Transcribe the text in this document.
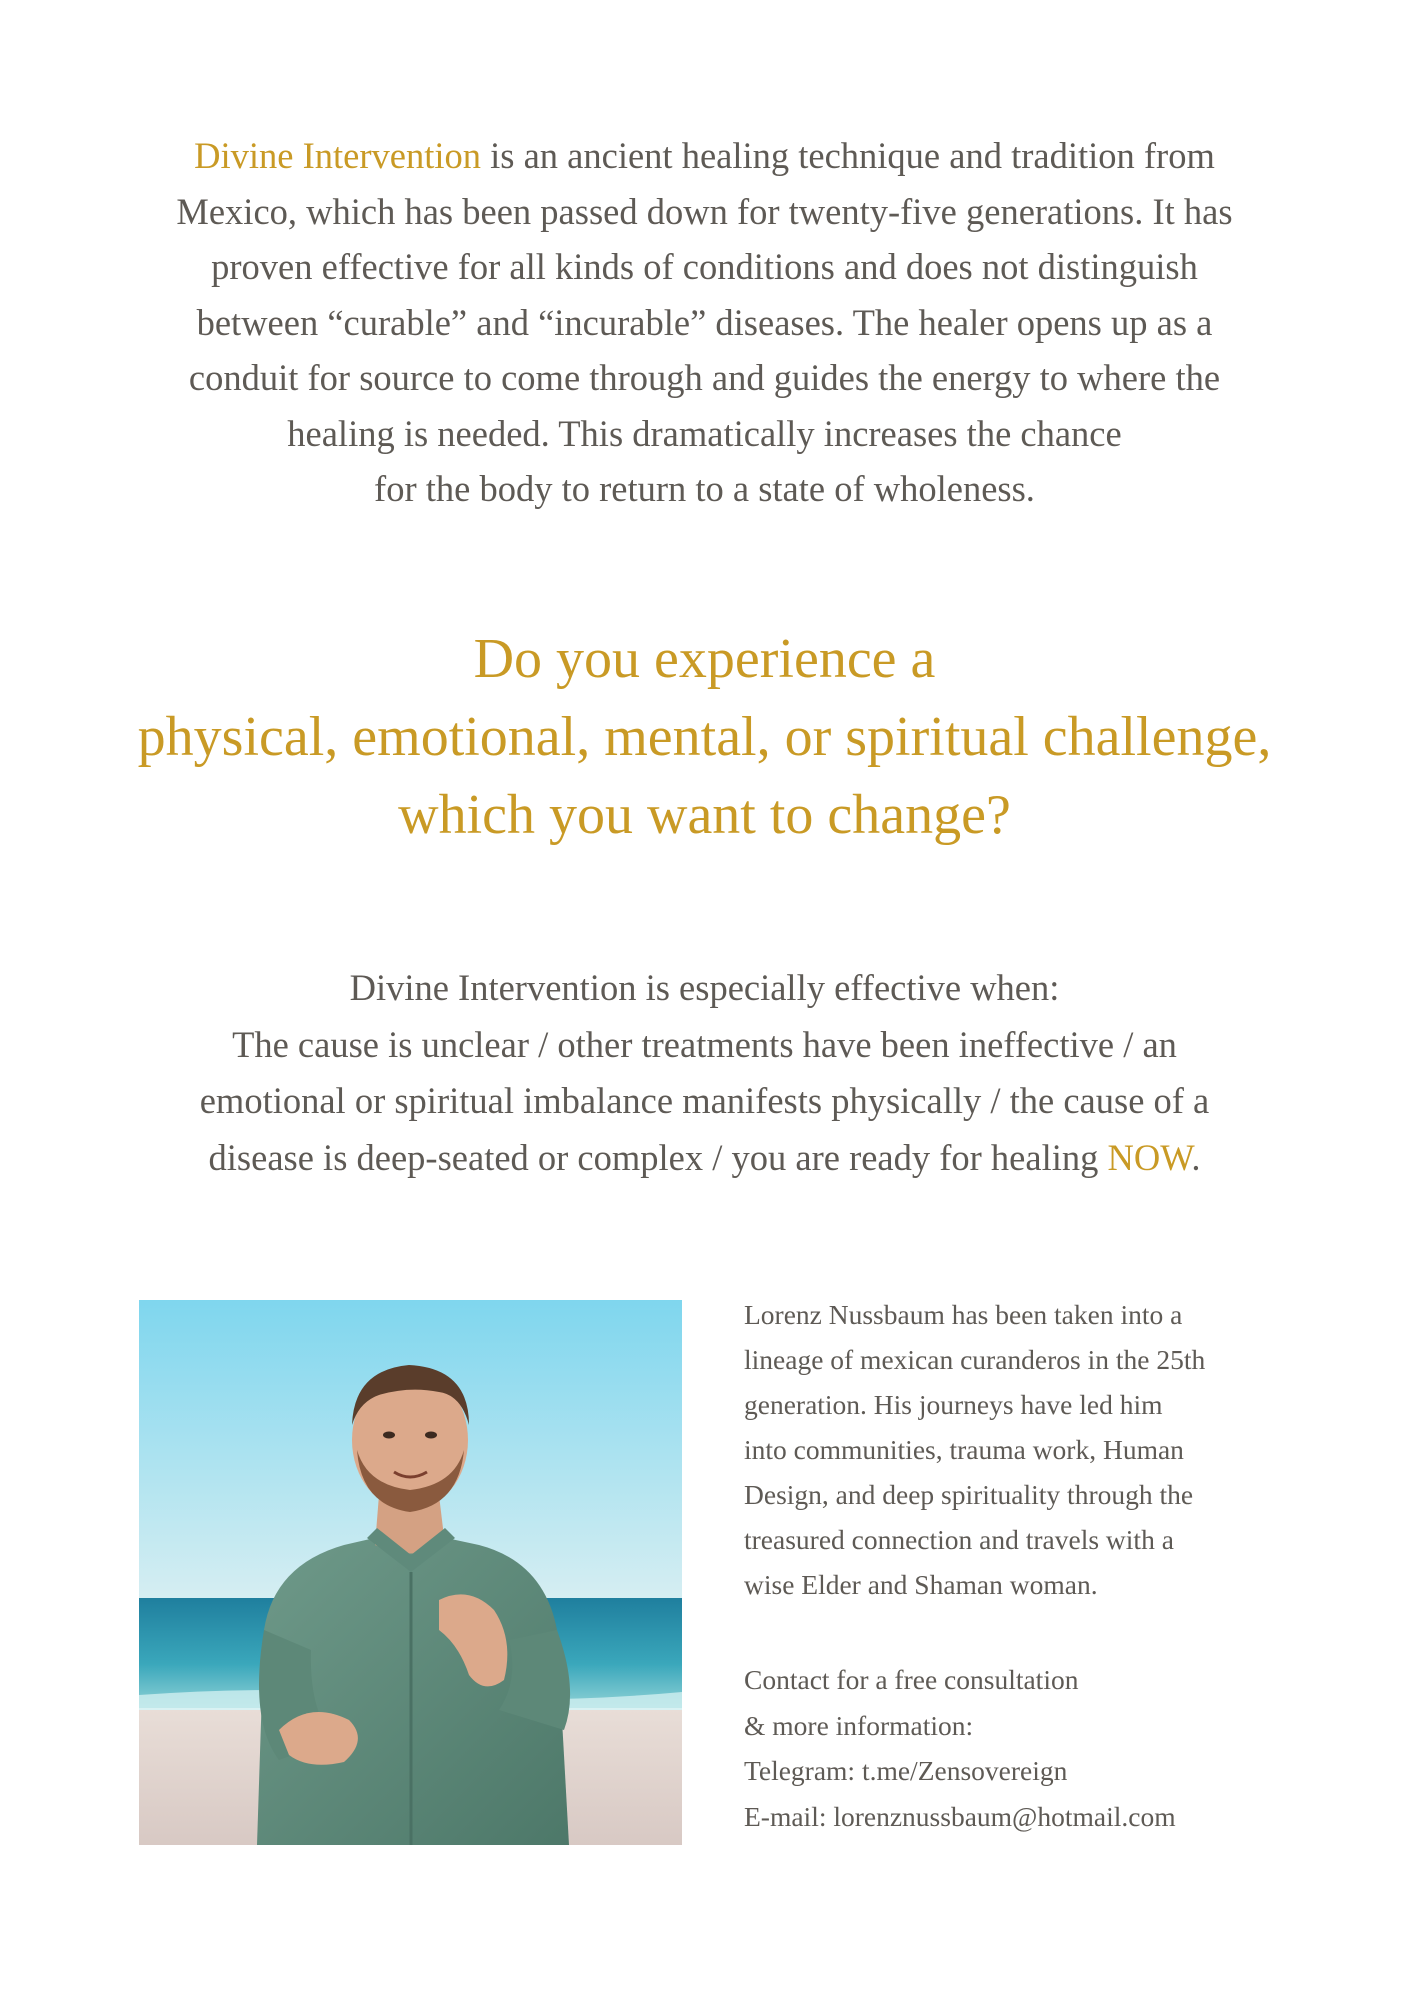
Divine Intervention is an ancient healing technique and tradition from
Mexico, which has been passed down for twenty-five generations. It has
proven effective for all kinds of conditions and does not distinguish
between “curable” and “incurable” diseases. The healer opens up as a
conduit for source to come through and guides the energy to where the
healing is needed. This dramatically increases the chance
for the body to return to a state of wholeness.
Do you experience a
physical, emotional, mental, or spiritual challenge,
which you want to change?
Divine Intervention is especially effective when:
The cause is unclear / other treatments have been ineffective / an
emotional or spiritual imbalance manifests physically / the cause of a
disease is deep-seated or complex / you are ready for healing NOW.
Lorenz Nussbaum has been taken into a
lineage of mexican curanderos in the 25th
generation. His journeys have led him
into communities, trauma work, Human
Design, and deep spirituality through the
treasured connection and travels with a
wise Elder and Shaman woman.
Contact for a free consultation
& more information:
Telegram: t.me/Zensovereign
E-mail: lorenznussbaum@hotmail.com
